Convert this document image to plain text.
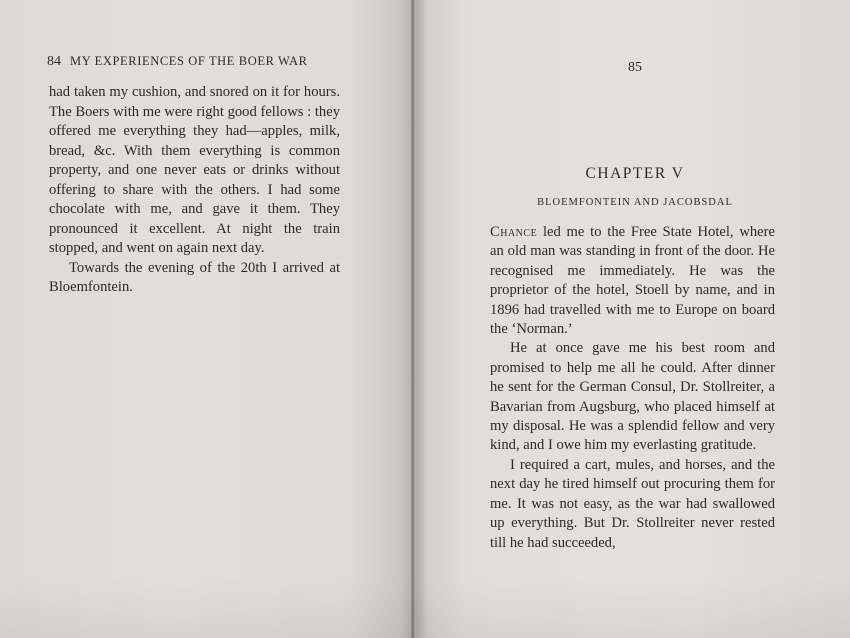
84 MY EXPERIENCES OF THE BOER WAR

had taken my cushion, and snored on it for hours. The Boers with me were right good fellows : they offered me everything they had—apples, milk, bread, &c. With them everything is common property, and one never eats or drinks without offering to share with the others. I had some chocolate with me, and gave it them. They pronounced it excellent. At night the train stopped, and went on again next day.

Towards the evening of the 20th I arrived at Bloemfontein.

85
CHAPTER V
BLOEMFONTEIN AND JACOBSDAL

Chance led me to the Free State Hotel, where an old man was standing in front of the door. He recognised me immediately. He was the proprietor of the hotel, Stoell by name, and in 1896 had travelled with me to Europe on board the ‘Norman.’

He at once gave me his best room and promised to help me all he could. After dinner he sent for the German Consul, Dr. Stollreiter, a Bavarian from Augsburg, who placed himself at my disposal. He was a splendid fellow and very kind, and I owe him my everlasting gratitude.

I required a cart, mules, and horses, and the next day he tired himself out procuring them for me. It was not easy, as the war had swallowed up everything. But Dr. Stollreiter never rested till he had succeeded,
